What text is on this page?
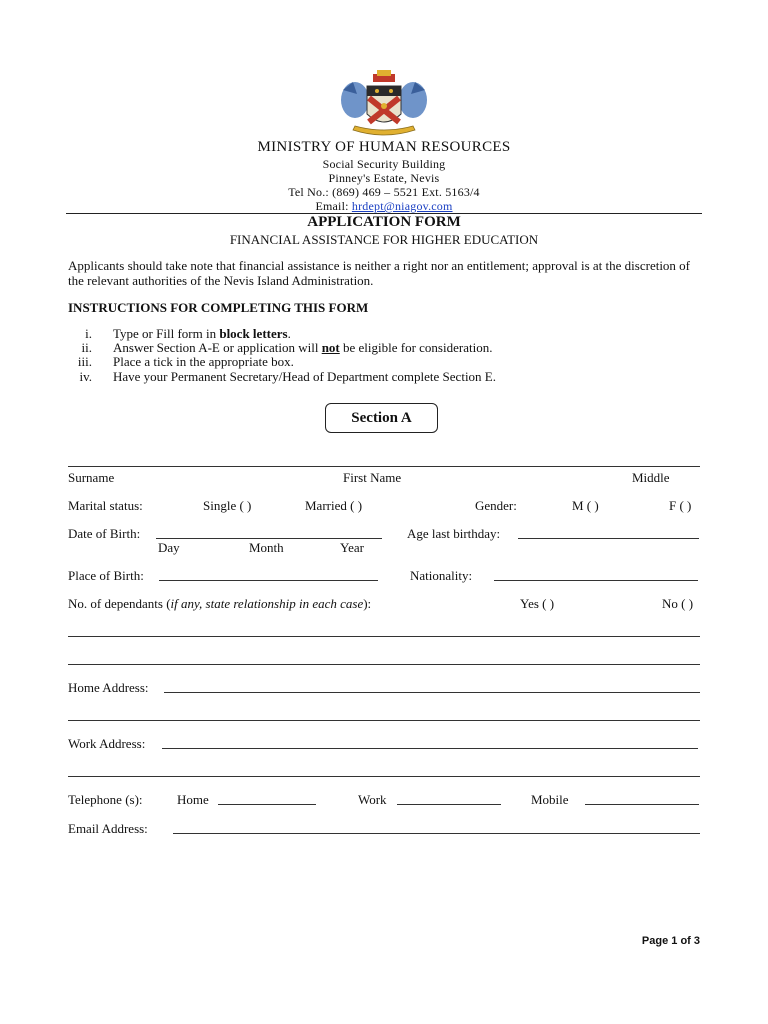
MINISTRY OF HUMAN RESOURCES
Social Security Building
Pinney's Estate, Nevis
Tel No.: (869) 469 – 5521 Ext. 5163/4
Email: hrdept@niagov.com
APPLICATION FORM
FINANCIAL ASSISTANCE FOR HIGHER EDUCATION
Applicants should take note that financial assistance is neither a right nor an entitlement; approval is at the discretion of the relevant authorities of the Nevis Island Administration.
INSTRUCTIONS FOR COMPLETING THIS FORM
i. Type or Fill form in block letters.
ii. Answer Section A-E or application will not be eligible for consideration.
iii. Place a tick in the appropriate box.
iv. Have your Permanent Secretary/Head of Department complete Section E.
Section A
Surname	First Name	Middle
Marital status:	Single ( )	Married ( )	Gender:	M ( )	F ( )
Date of Birth:
Day	Month	Year
Age last birthday:
Place of Birth:	Nationality:
No. of dependants (if any, state relationship in each case):	Yes ( )	No ( )
Home Address:
Work Address:
Telephone (s):	Home	Work	Mobile
Email Address:
Page 1 of 3
